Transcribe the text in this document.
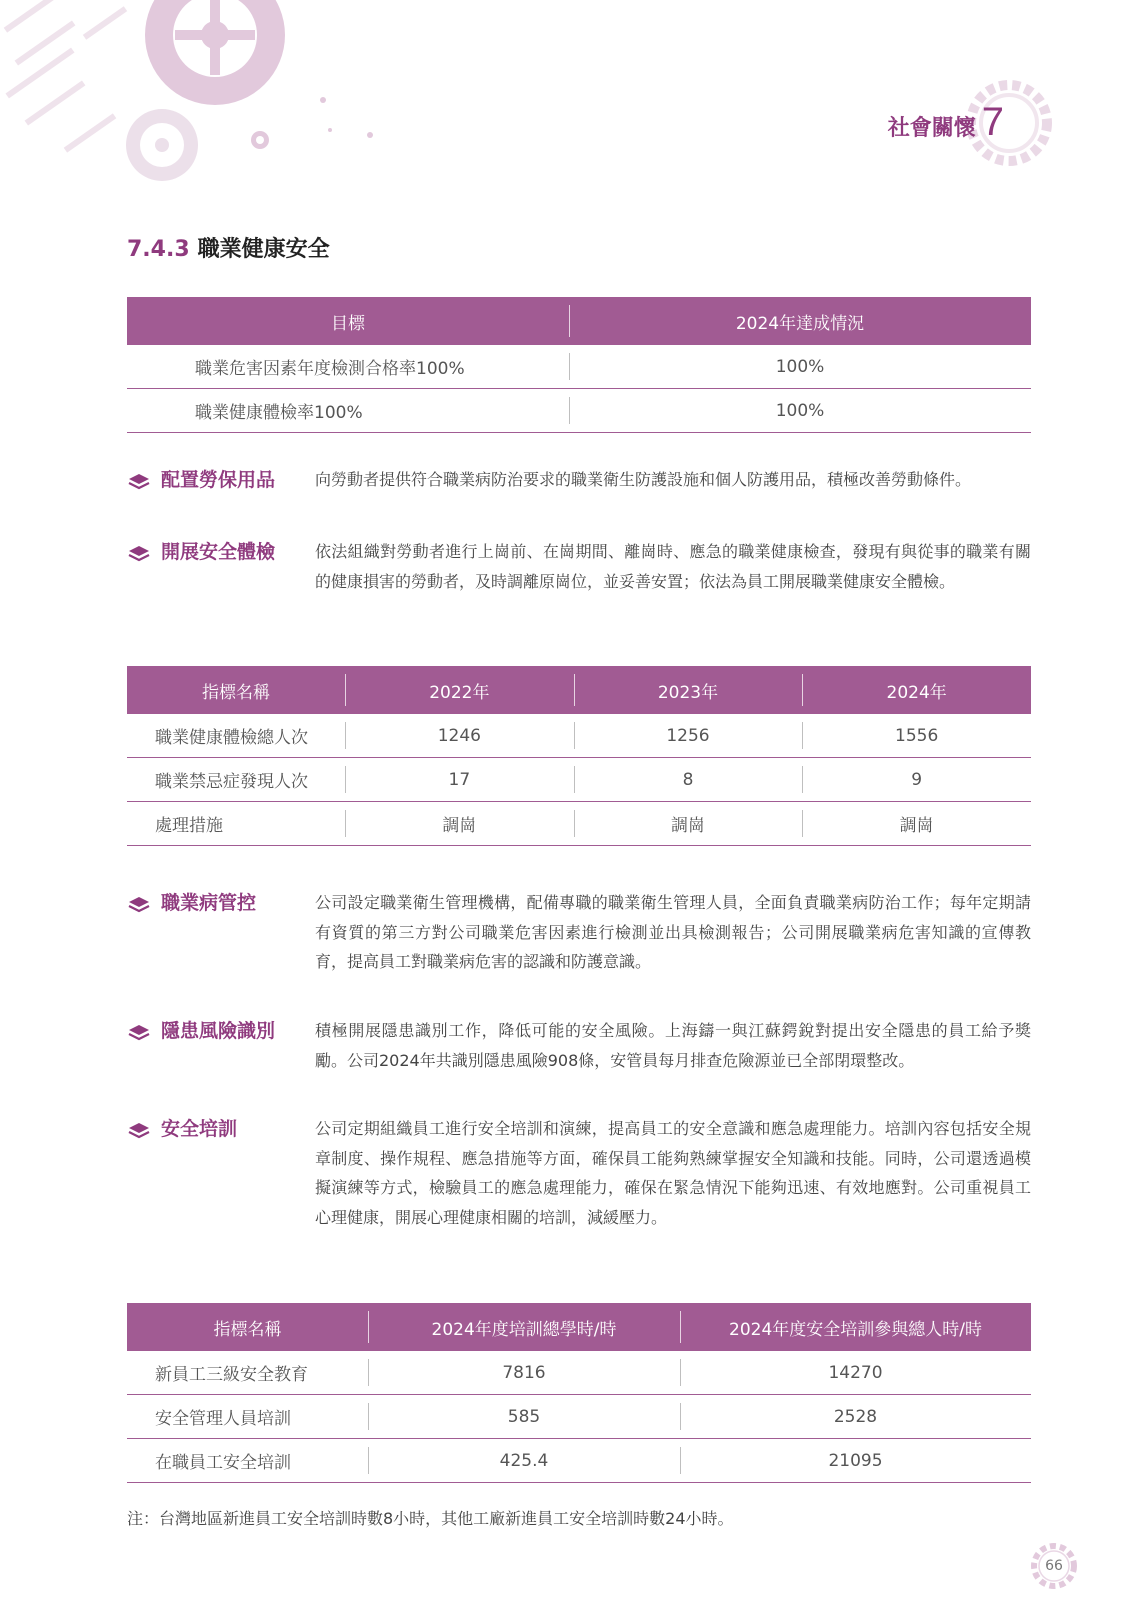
社會關懷 7
7.4.3 職業健康安全
目標	2024年達成情況
職業危害因素年度檢測合格率100%	100%
職業健康體檢率100%	100%
配置勞保用品 向勞動者提供符合職業病防治要求的職業衛生防護設施和個人防護用品，積極改善勞動條件。
開展安全體檢 依法組織對勞動者進行上崗前、在崗期間、離崗時、應急的職業健康檢查，發現有與從事的職業有關的健康損害的勞動者，及時調離原崗位，並妥善安置；依法為員工開展職業健康安全體檢。
指標名稱	2022年	2023年	2024年
職業健康體檢總人次	1246	1256	1556
職業禁忌症發現人次	17	8	9
處理措施	調崗	調崗	調崗
職業病管控	公司設定職業衛生管理機構，配備專職的職業衛生管理人員，全面負責職業病防治工作；每年定期請有資質的第三方對公司職業危害因素進行檢測並出具檢測報告；公司開展職業病危害知識的宣傳教育，提高員工對職業病危害的認識和防護意識。
隱患風險識別 積極開展隱患識別工作，降低可能的安全風險。上海鑄一與江蘇鍔銳對提出安全隱患的員工給予獎勵。公司2024年共識別隱患風險908條，安管員每月排查危險源並已全部閉環整改。
安全培訓	公司定期組織員工進行安全培訓和演練，提高員工的安全意識和應急處理能力。培訓內容包括安全規章制度、操作規程、應急措施等方面，確保員工能夠熟練掌握安全知識和技能。同時，公司還透過模擬演練等方式，檢驗員工的應急處理能力，確保在緊急情況下能夠迅速、有效地應對。公司重視員工心理健康，開展心理健康相關的培訓，減緩壓力。
指標名稱	2024年度培訓總學時/時	2024年度安全培訓參與總人時/時
新員工三級安全教育	7816	14270
安全管理人員培訓	585	2528
在職員工安全培訓	425.4	21095
注：台灣地區新進員工安全培訓時數8小時，其他工廠新進員工安全培訓時數24小時。
66
